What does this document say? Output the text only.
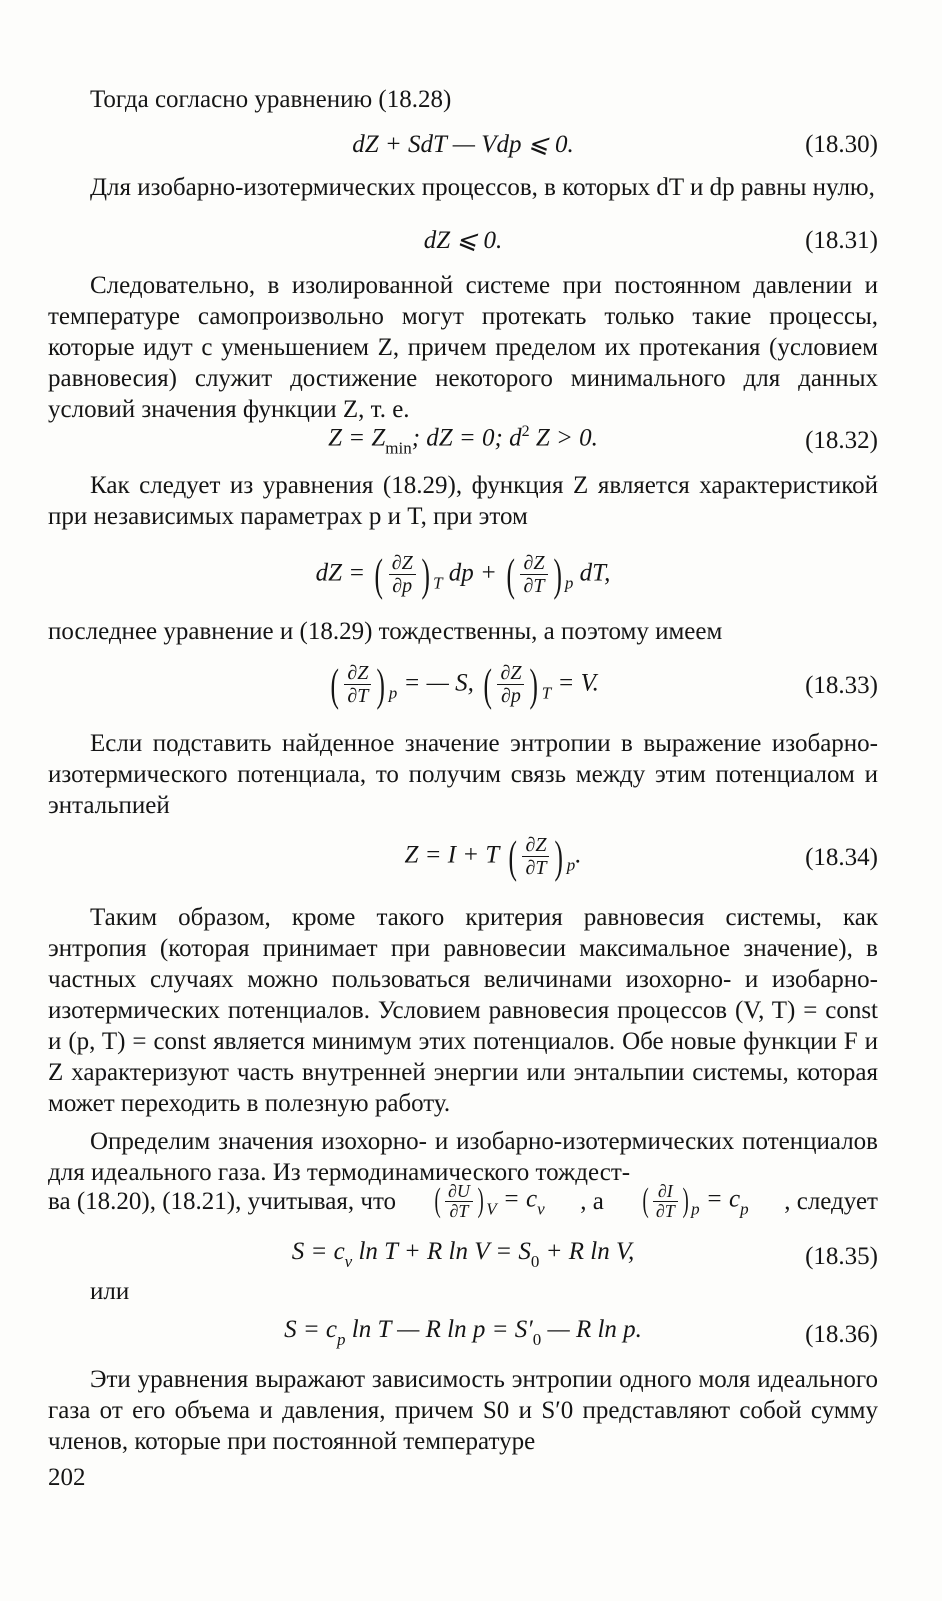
Тогда согласно уравнению (18.28)
dZ + SdT — Vdp ⩽ 0.	(18.30)
Для изобарно-изотермических процессов, в которых dT и dp равны нулю,
dZ ⩽ 0.	(18.31)
Следовательно, в изолированной системе при постоянном давлении и температуре самопроизвольно могут протекать только такие процессы, которые идут с уменьшением Z, причем пределом их протекания (условием равновесия) служит достижение некоторого минимального для данных условий значения функции Z, т. е.
$Z = Z_{min}$; dZ = 0; $d^2$ Z > 0.	(18.32)
Как следует из уравнения (18.29), функция Z является характеристикой при независимых параметрах p и T, при этом
dZ = ( $\frac{\partial Z}{\partial p}$ ) $_T$ dp + ( $\frac{\partial Z}{\partial T}$ ) $_p$ dT,
последнее уравнение и (18.29) тождественны, а поэтому имеем
( $\frac{\partial Z}{\partial T}$ ) $_p$ = — S, ( $\frac{\partial Z}{\partial p}$ ) $_T$ = V.	(18.33)
Если подставить найденное значение энтропии в выражение изобарно-изотермического потенциала, то получим связь между этим потенциалом и энтальпией
Z = I + T ( $\frac{\partial Z}{\partial T}$ ) $_p$.	(18.34)
Таким образом, кроме такого критерия равновесия системы, как энтропия (которая принимает при равновесии максимальное значение), в частных случаях можно пользоваться величинами изохорно- и изобарно-изотермических потенциалов. Условием равновесия процессов (V, T) = const и (p, T) = const является минимум этих потенциалов. Обе новые функции F и Z характеризуют часть внутренней энергии или энтальпии системы, которая может переходить в полезную работу.
Определим значения изохорно- и изобарно-изотермических потенциалов для идеального газа. Из термодинамического тождест-
ва (18.20), (18.21), учитывая, что ( $\frac{\partial U}{\partial T}$ ) $_V = c_v$ , а ( $\frac{\partial I}{\partial T}$ ) $_p = c_p$ , следует
$S = c_v$ ln T + R $\ln V = S_0 + R$ ln V,	(18.35)
или
$S = c_p$ ln T — R $\ln p = S'_0$ — R ln p.	(18.36)
Эти уравнения выражают зависимость энтропии одного моля идеального газа от его объема и давления, причем S0 и S′0 представляют собой сумму членов, которые при постоянной температуре
202
